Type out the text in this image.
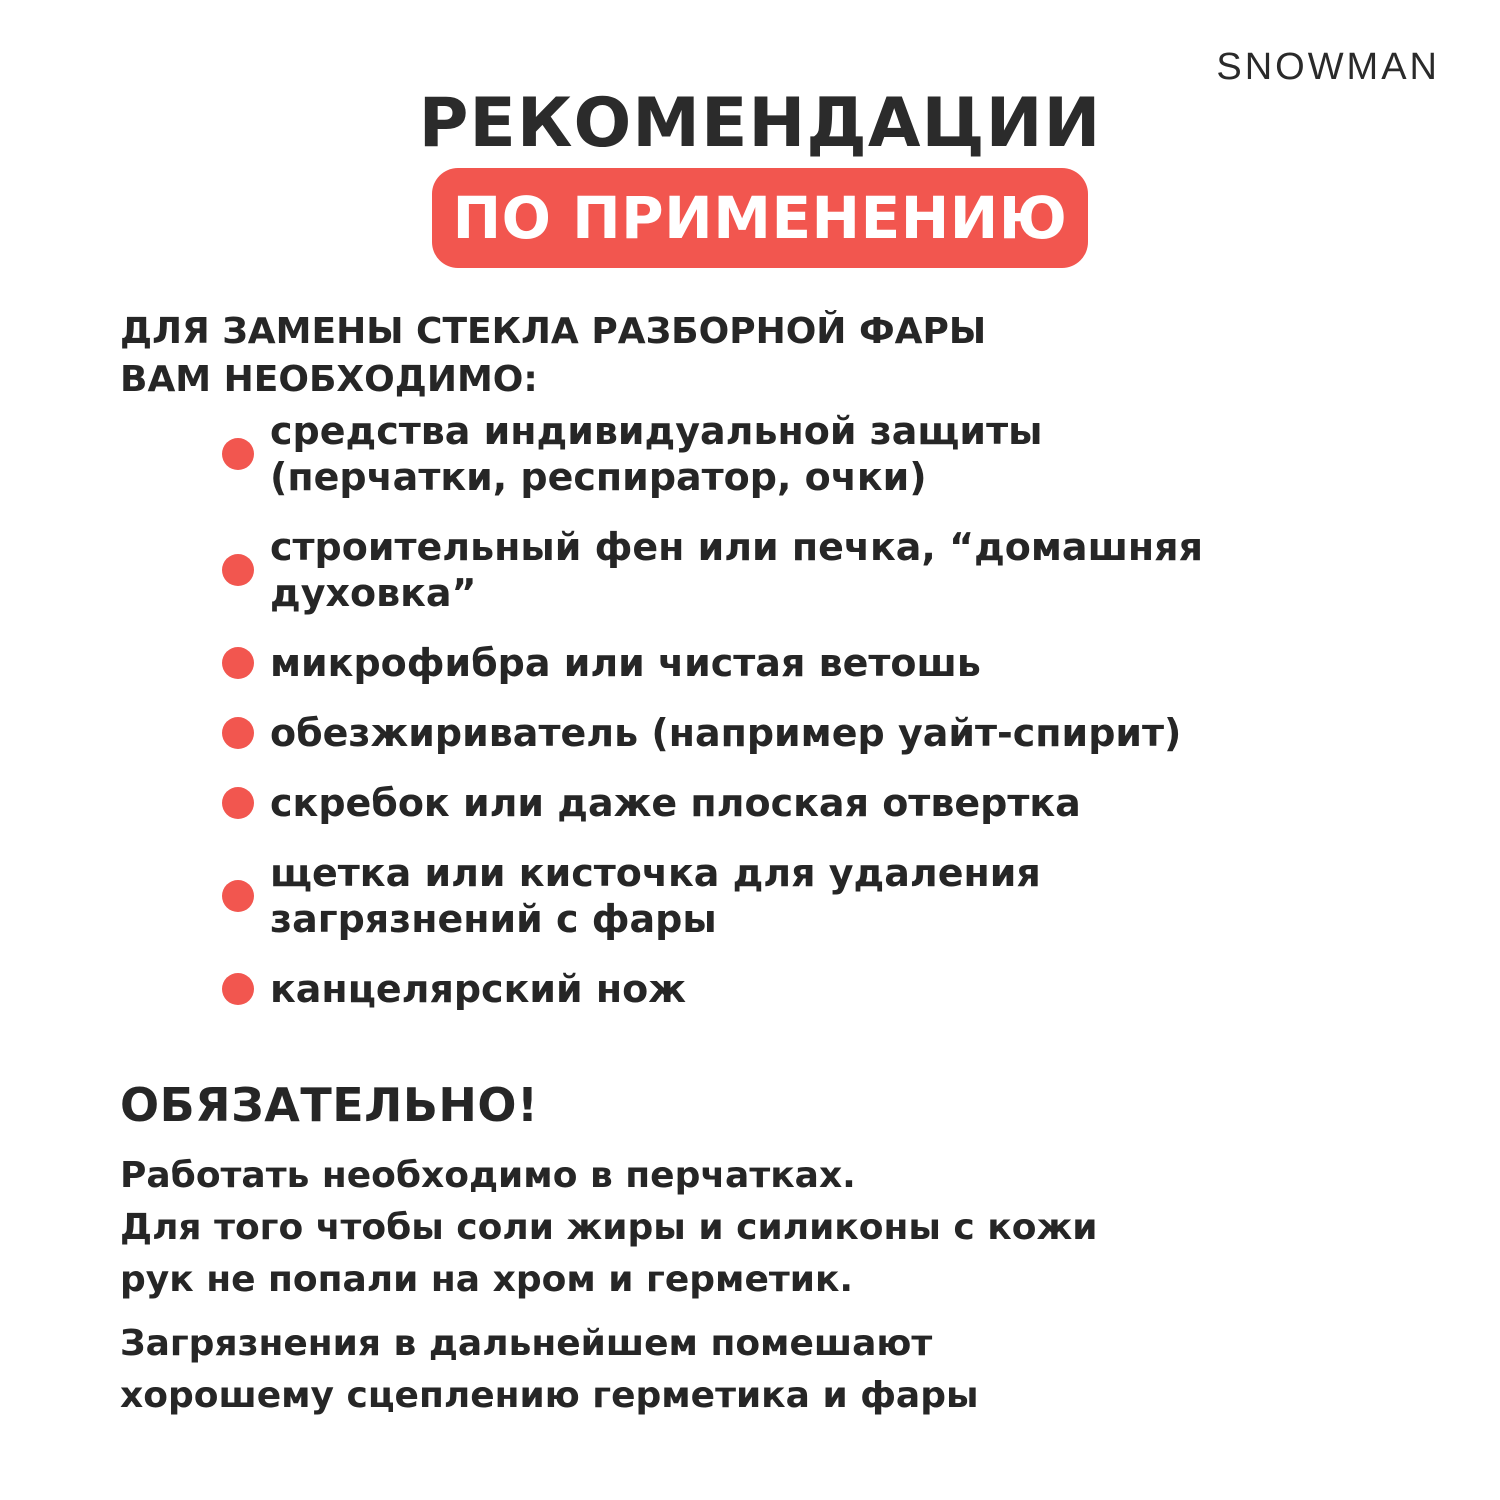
SNOWMAN
РЕКОМЕНДАЦИИ
ПО ПРИМЕНЕНИЮ
ДЛЯ ЗАМЕНЫ СТЕКЛА РАЗБОРНОЙ ФАРЫ
ВАМ НЕОБХОДИМО:
средства индивидуальной защиты
(перчатки, респиратор, очки)
строительный фен или печка, “домашняя
духовка”
микрофибра или чистая ветошь
обезжириватель (например уайт-спирит)
скребок или даже плоская отвертка
щетка или кисточка для удаления
загрязнений с фары
канцелярский нож
ОБЯЗАТЕЛЬНО!
Работать необходимо в перчатках.
Для того чтобы соли жиры и силиконы с кожи
рук не попали на хром и герметик.
Загрязнения в дальнейшем помешают
хорошему сцеплению герметика и фары
